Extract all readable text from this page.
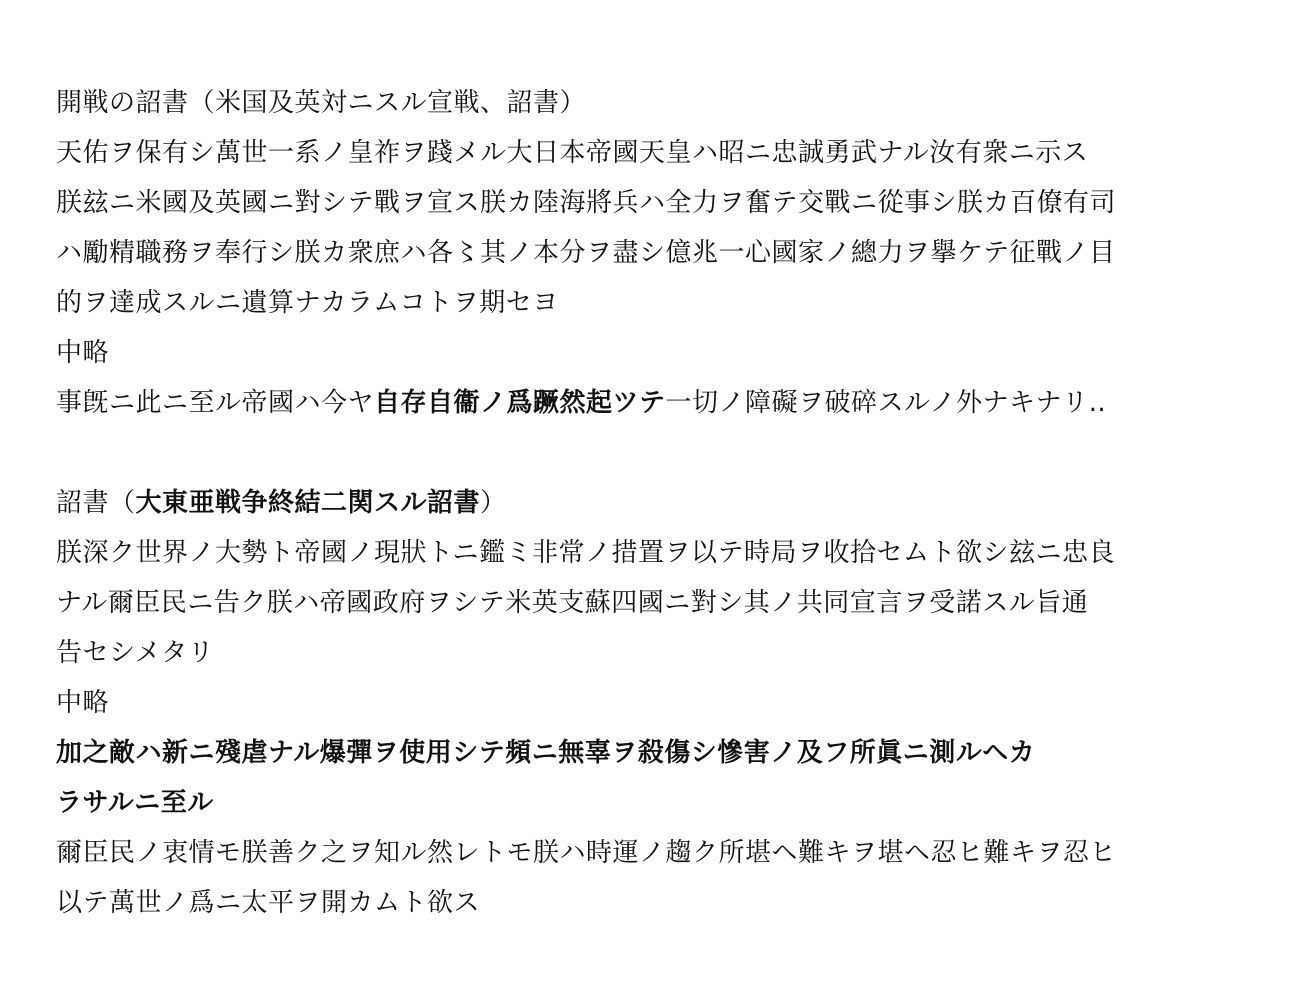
開戦の詔書（米国及英対ニスル宣戦、詔書）
天佑ヲ保有シ萬世一系ノ皇祚ヲ踐メル大日本帝國天皇ハ昭ニ忠誠勇武ナル汝有衆ニ示ス
朕玆ニ米國及英國ニ對シテ戰ヲ宣ス朕カ陸海將兵ハ全力ヲ奮テ交戰ニ從事シ朕カ百僚有司
ハ勵精職務ヲ奉行シ朕カ衆庶ハ各〻其ノ本分ヲ盡シ億兆一心國家ノ總力ヲ擧ケテ征戰ノ目
的ヲ達成スルニ遺算ナカラムコトヲ期セヨ
中略
事旣ニ此ニ至ル帝國ハ今ヤ自存自衞ノ爲蹶然起ツテ一切ノ障礙ヲ破碎スルノ外ナキナリ‥
詔書（大東亜戦争終結二関スル詔書）
朕深ク世界ノ大勢ト帝國ノ現狀トニ鑑ミ非常ノ措置ヲ以テ時局ヲ收拾セムト欲シ玆ニ忠良
ナル爾臣民ニ告ク朕ハ帝國政府ヲシテ米英支蘇四國ニ對シ其ノ共同宣言ヲ受諾スル旨通
告セシメタリ
中略
加之敵ハ新ニ殘虐ナル爆彈ヲ使用シテ頻ニ無辜ヲ殺傷シ慘害ノ及フ所眞ニ測ルヘカ
ラサルニ至ル
爾臣民ノ衷情モ朕善ク之ヲ知ル然レトモ朕ハ時運ノ趨ク所堪ヘ難キヲ堪ヘ忍ヒ難キヲ忍ヒ
以テ萬世ノ爲ニ太平ヲ開カムト欲ス
